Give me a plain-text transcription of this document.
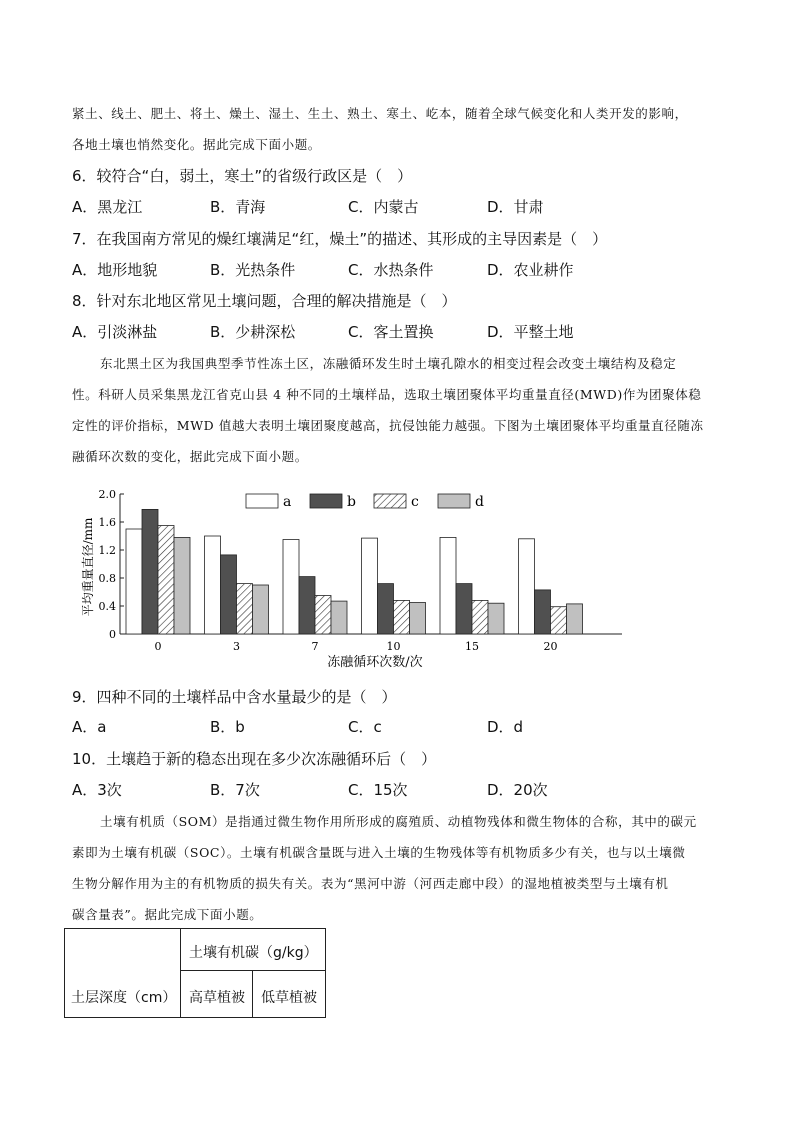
紧土、线土、肥土、将土、燥土、湿土、生土、熟土、寒土、屹本，随着全球气候变化和人类开发的影响，
各地土壤也悄然变化。据此完成下面小题。
6．较符合“白，弱土，寒土”的省级行政区是（　）
A．黑龙江	B．青海	C．内蒙古	D．甘肃
7．在我国南方常见的燥红壤满足“红，燥土”的描述、其形成的主导因素是（　）
A．地形地貌	B．光热条件	C．水热条件	D．农业耕作
8．针对东北地区常见土壤问题，合理的解决措施是（　）
A．引淡淋盐	B．少耕深松	C．客土置换	D．平整土地
东北黑土区为我国典型季节性冻土区，冻融循环发生时土壤孔隙水的相变过程会改变土壤结构及稳定
性。科研人员采集黑龙江省克山县 4 种不同的土壤样品，选取土壤团聚体平均重量直径(MWD)作为团聚体稳
定性的评价指标，MWD 值越大表明土壤团聚度越高，抗侵蚀能力越强。下图为土壤团聚体平均重量直径随冻
融循环次数的变化，据此完成下面小题。
0
0.4
0.8
1.2
1.6
2.0
0	3	7	10	15	20
a	b	c	d
平均重量直径/mm
冻融循环次数/次
9．四种不同的土壤样品中含水量最少的是（　）
A．a	B．b	C．c	D．d
10．土壤趋于新的稳态出现在多少次冻融循环后（　）
A．3次	B．7次	C．15次	D．20次
土壤有机质（SOM）是指通过微生物作用所形成的腐殖质、动植物残体和微生物体的合称，其中的碳元
素即为土壤有机碳（SOC）。土壤有机碳含量既与进入土壤的生物残体等有机物质多少有关，也与以土壤微
生物分解作用为主的有机物质的损失有关。表为“黑河中游（河西走廊中段）的湿地植被类型与土壤有机
碳含量表”。据此完成下面小题。
土层深度（cm）
土壤有机碳（g/kg）
高草植被 低草植被
